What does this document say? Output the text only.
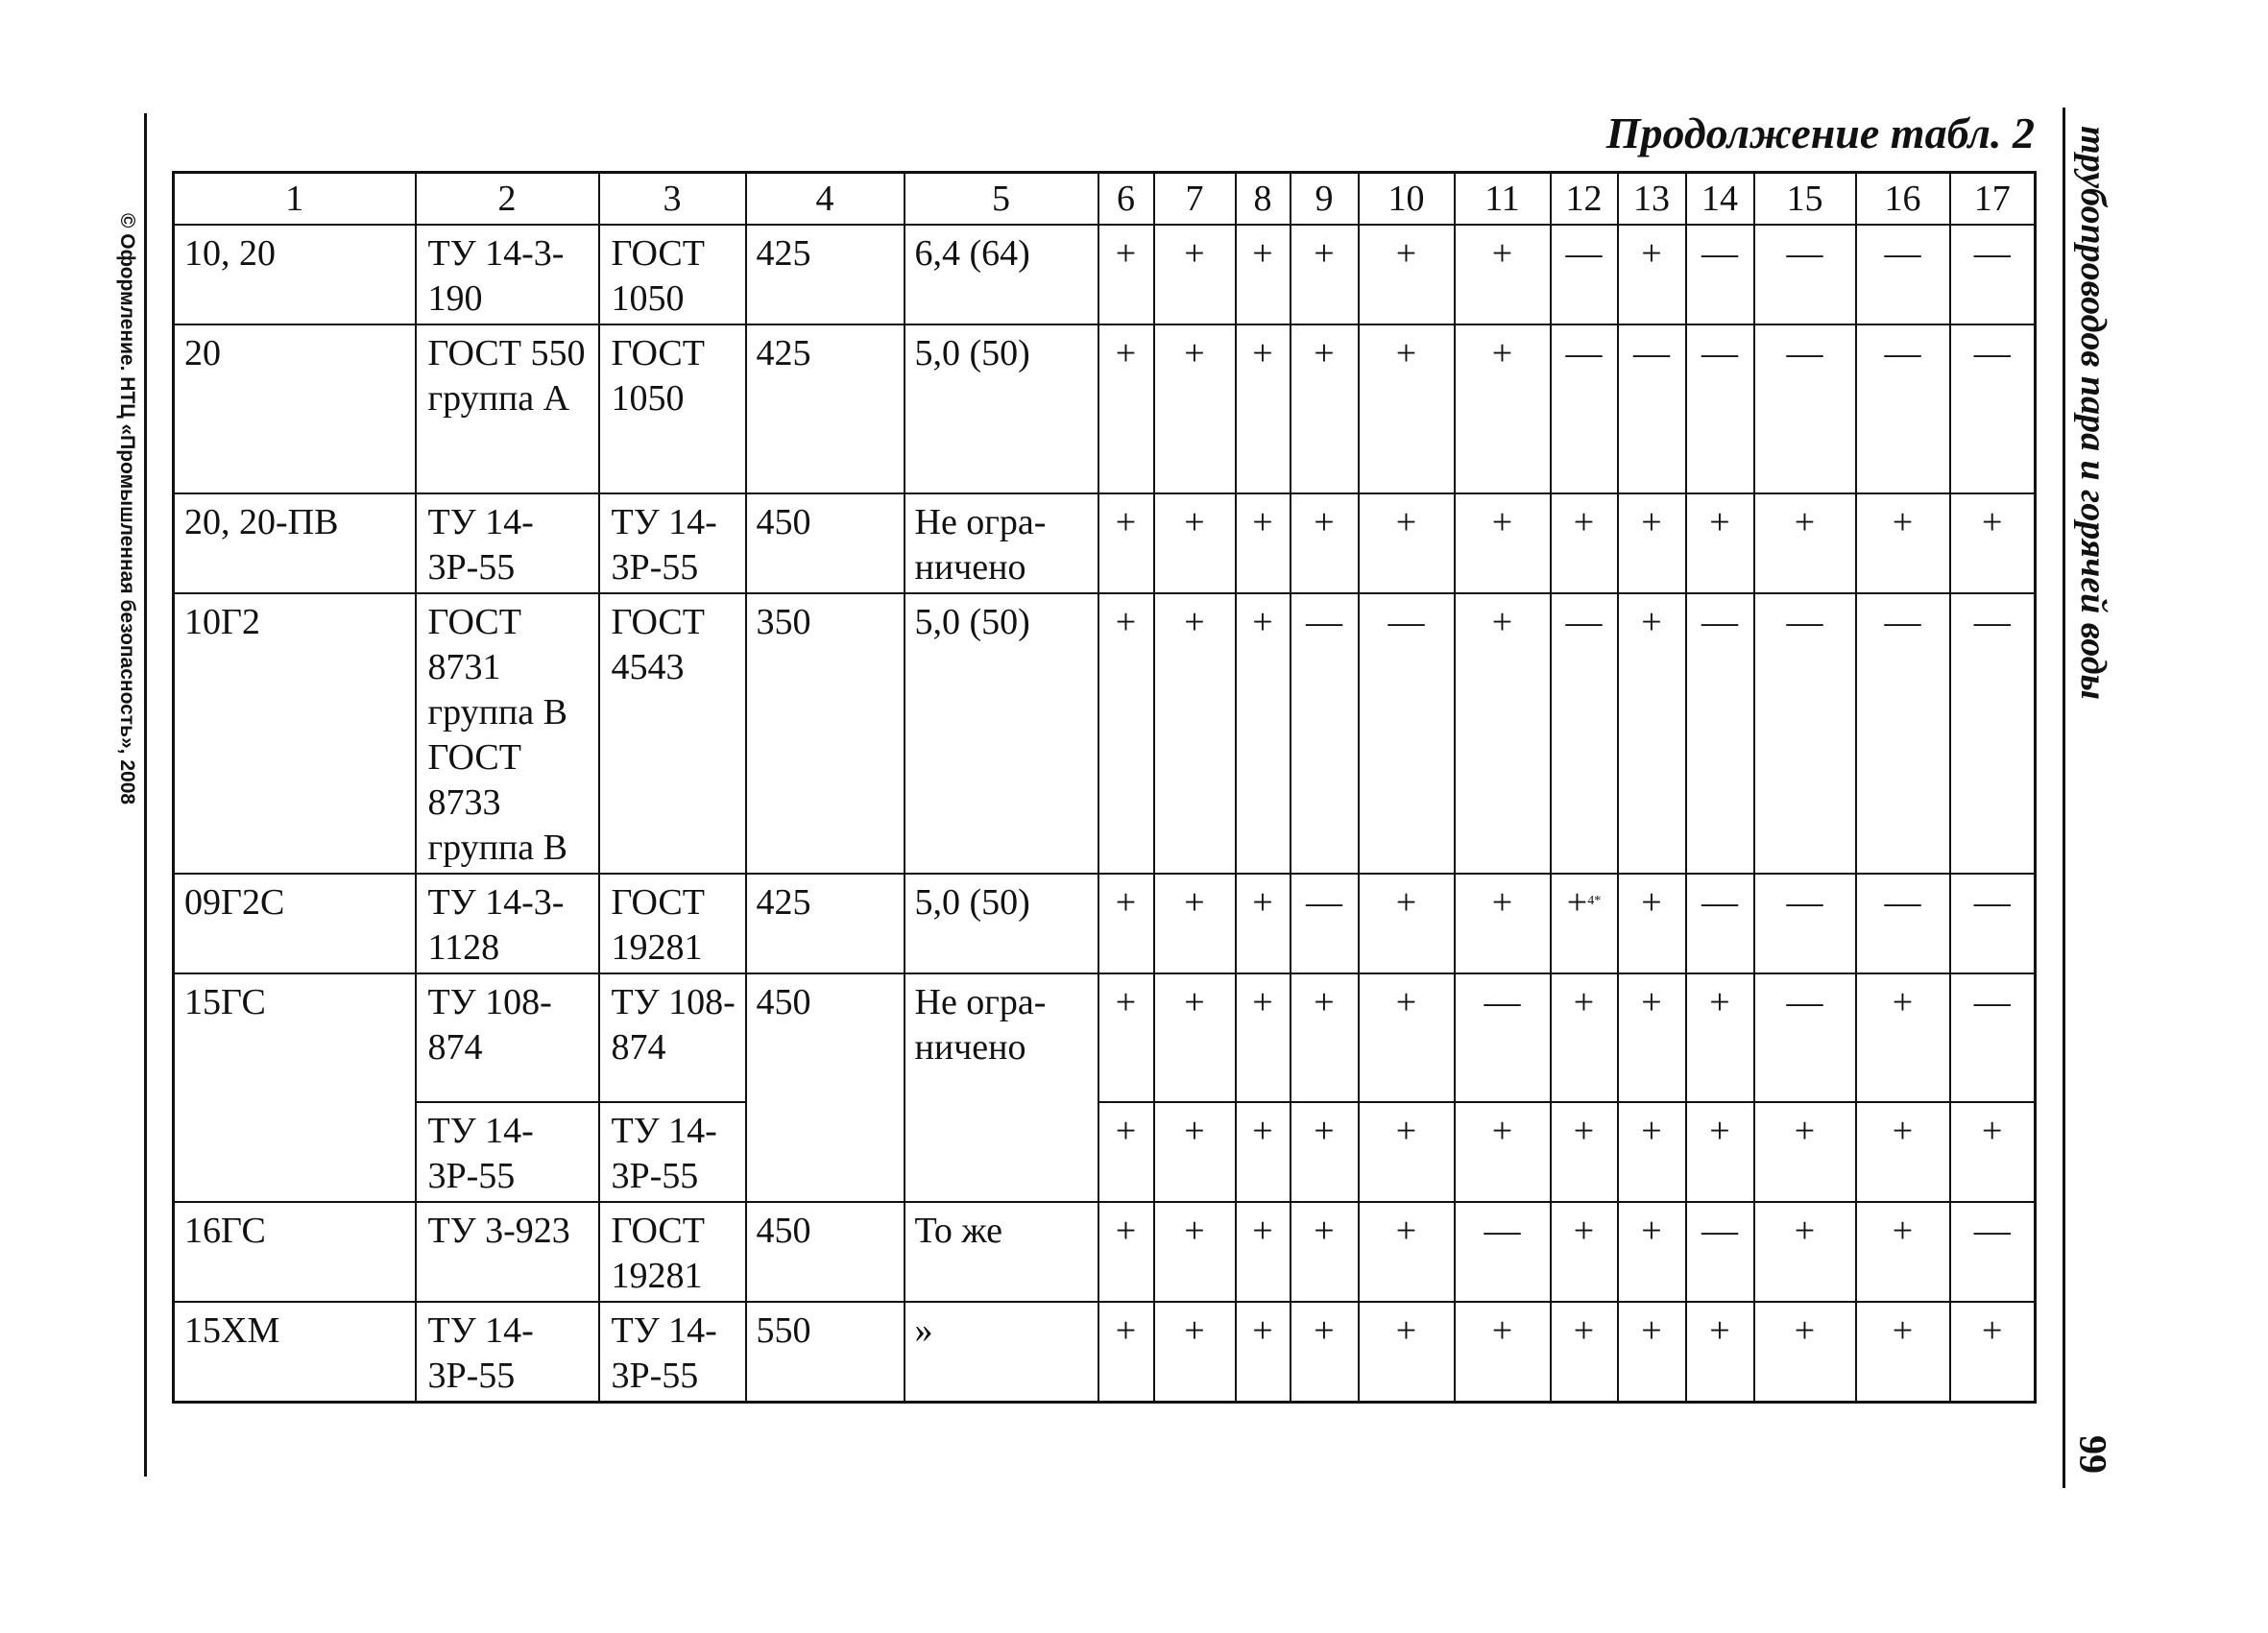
© Оформление. НТЦ «Промышленная безопасность», 2008	трубопроводов пара и горячей воды
99
Продолжение табл. 2
1	2	3	4	5	6	7	8	9	10	11	12	13	14	15	16	17
10, 20	ТУ 14-3-190	ГОСТ 1050	425	6,4 (64)	+	+	+	+	+	+	—	+	—	—	—	—
20	ГОСТ 550 группа А	ГОСТ 1050	425	5,0 (50)	+	+	+	+	+	+	—	—	—	—	—	—
20, 20-ПВ	ТУ 14-3Р-55	ТУ 14-3Р-55	450	Не огра-ничено	+	+	+	+	+	+	+	+	+	+	+	+
10Г2	ГОСТ 8731 группа В ГОСТ 8733 группа В	ГОСТ 4543	350	5,0 (50)	+	+	+	—	—	+	—	+	—	—	—	—
09Г2С	ТУ 14-3-1128	ГОСТ 19281	425	5,0 (50)	+	+	+	—	+	+	+$^{4*}$	+	—	—	—	—
15ГС	ТУ 108-874	ТУ 108-874	450	Не огра-ничено	+	+	+	+	+	—	+	+	+	—	+	—
	ТУ 14-3Р-55	ТУ 14-3Р-55			+	+	+	+	+	+	+	+	+	+	+	+
16ГС	ТУ 3-923	ГОСТ 19281	450	То же	+	+	+	+	+	—	+	+	—	+	+	—
15ХМ	ТУ 14-3Р-55	ТУ 14-3Р-55	550	»	+	+	+	+	+	+	+	+	+	+	+	+
